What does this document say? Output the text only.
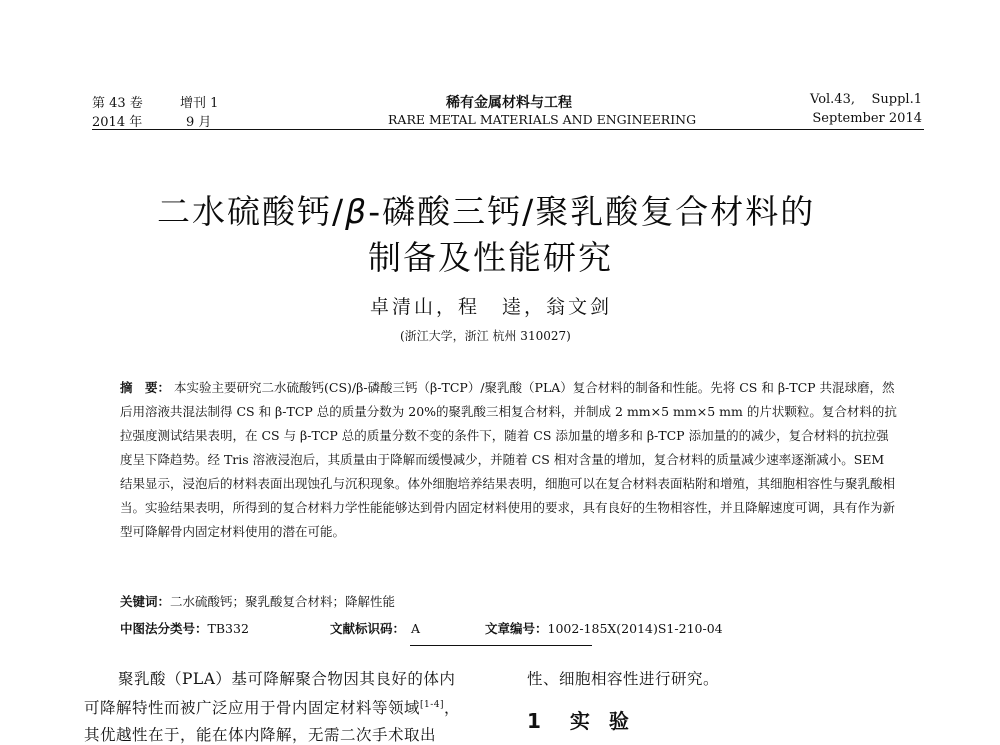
第 43 卷	增刊 1
2014 年	9 月
稀有金属材料与工程
RARE METAL MATERIALS AND ENGINEERING
Vol.43,    Suppl.1
September 2014
二水硫酸钙/β-磷酸三钙/聚乳酸复合材料的
制备及性能研究
卓清山，程　逵，翁文剑
(浙江大学，浙江 杭州 310027)
摘　要： 本实验主要研究二水硫酸钙(CS)/β-磷酸三钙（β-TCP）/聚乳酸（PLA）复合材料的制备和性能。先将 CS 和 β-TCP 共混球磨，然后用溶液共混法制得 CS 和 β-TCP 总的质量分数为 20%的聚乳酸三相复合材料，并制成 2 mm×5 mm×5 mm 的片状颗粒。复合材料的抗拉强度测试结果表明，在 CS 与 β-TCP 总的质量分数不变的条件下，随着 CS 添加量的增多和 β-TCP 添加量的的减少，复合材料的抗拉强度呈下降趋势。经 Tris 溶液浸泡后，其质量由于降解而缓慢减少，并随着 CS 相对含量的增加，复合材料的质量减少速率逐渐减小。SEM 结果显示，浸泡后的材料表面出现蚀孔与沉积现象。体外细胞培养结果表明，细胞可以在复合材料表面粘附和增殖，其细胞相容性与聚乳酸相当。实验结果表明，所得到的复合材料力学性能能够达到骨内固定材料使用的要求，具有良好的生物相容性，并且降解速度可调，具有作为新型可降解骨内固定材料使用的潜在可能。
关键词：二水硫酸钙；聚乳酸复合材料；降解性能
中图法分类号：TB332	文献标识码： A	文章编号：1002-185X(2014)S1-210-04
聚乳酸（PLA）基可降解聚合物因其良好的体内
可降解特性而被广泛应用于骨内固定材料等领域[1-4]，
其优越性在于，能在体内降解，无需二次手术取出
性、细胞相容性进行研究。
1 实 验
